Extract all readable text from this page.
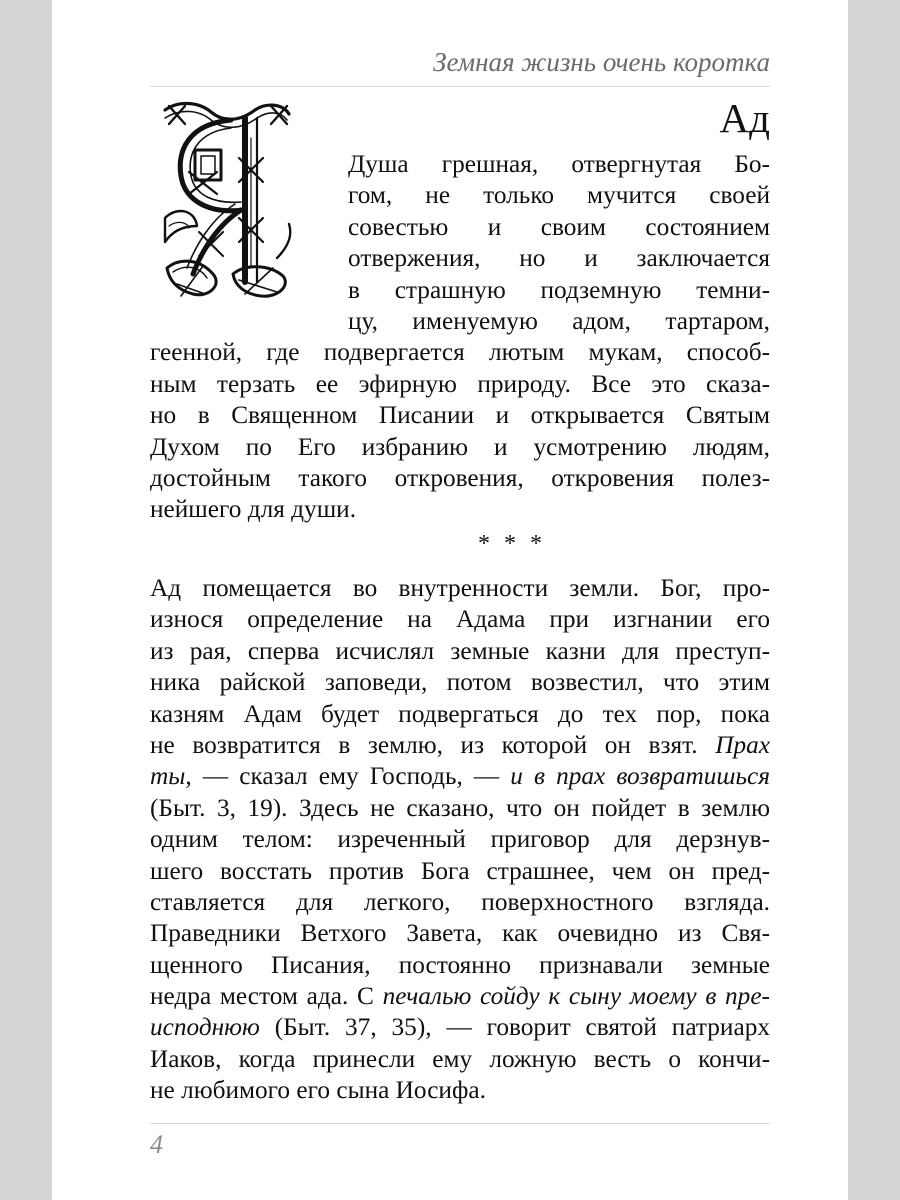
Земная жизнь очень коротка
Ад
Душа грешная, отвергнутая Бо-
гом, не только мучится своей
совестью и своим состоянием
отвержения, но и заключается
в страшную подземную темни-
цу, именуемую адом, тартаром,
геенной, где подвергается лютым мукам, способ-
ным терзать ее эфирную природу. Все это сказа-
но в Священном Писании и открывается Святым
Духом по Его избранию и усмотрению людям,
достойным такого откровения, откровения полез-
нейшего для души.
* * *
Ад помещается во внутренности земли. Бог, про-
износя определение на Адама при изгнании его
из рая, сперва исчислял земные казни для преступ-
ника райской заповеди, потом возвестил, что этим
казням Адам будет подвергаться до тех пор, пока
не возвратится в землю, из которой он взят. Прах
ты, — сказал ему Господь, — и в прах возвратишься
(Быт. 3, 19). Здесь не сказано, что он пойдет в землю
одним телом: изреченный приговор для дерзнув-
шего восстать против Бога страшнее, чем он пред-
ставляется для легкого, поверхностного взгляда.
Праведники Ветхого Завета, как очевидно из Свя-
щенного Писания, постоянно признавали земные
недра местом ада. С печалью сойду к сыну моему в пре-
исподнюю (Быт. 37, 35), — говорит святой патриарх
Иаков, когда принесли ему ложную весть о кончи-
не любимого его сына Иосифа.
4
